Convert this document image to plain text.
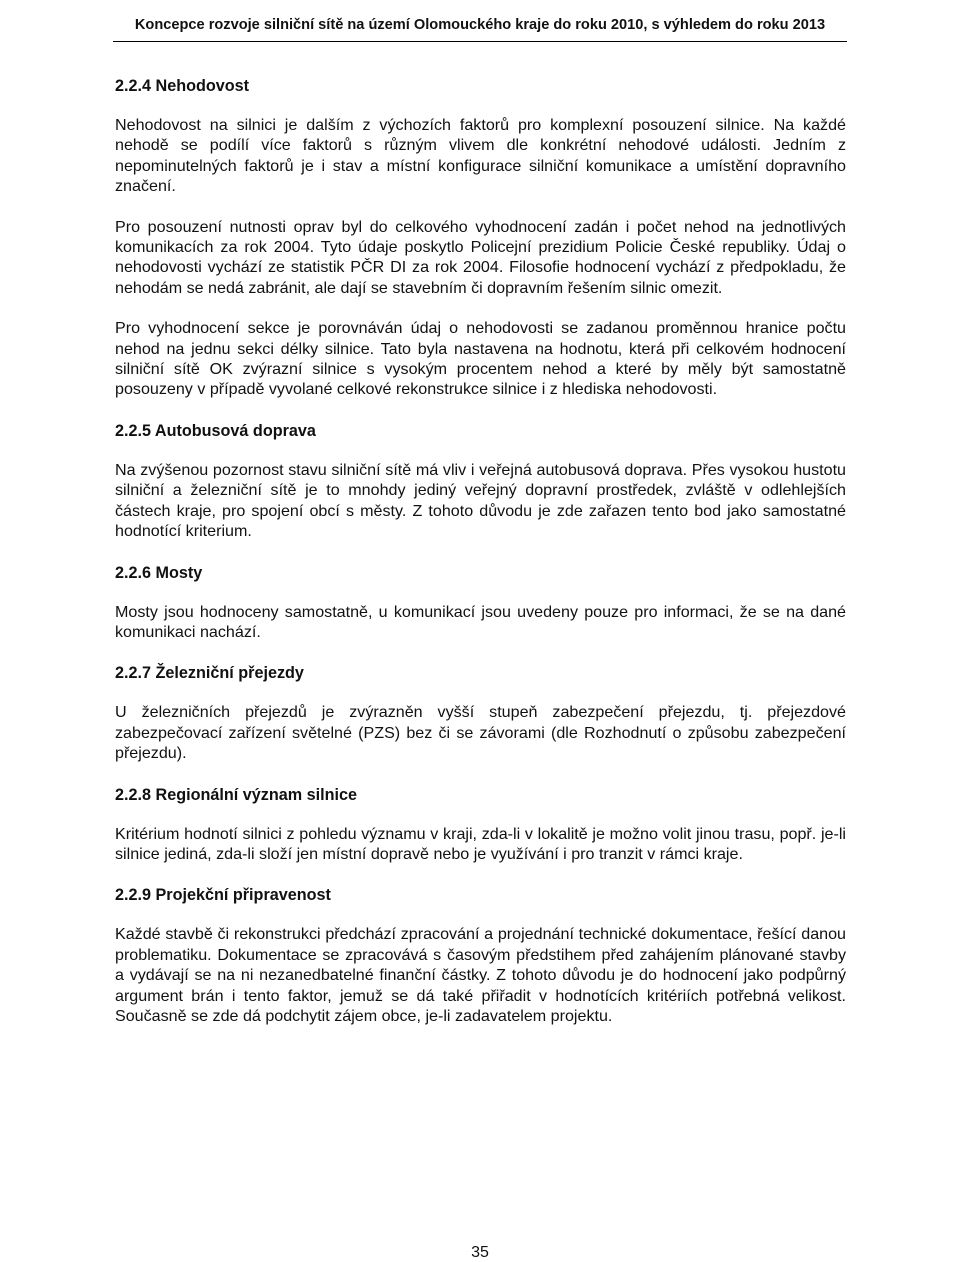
Koncepce rozvoje silniční sítě na území Olomouckého kraje do roku 2010, s výhledem do roku 2013
2.2.4 Nehodovost

Nehodovost na silnici je dalším z výchozích faktorů pro komplexní posouzení silnice. Na každé nehodě se podílí více faktorů s různým vlivem dle konkrétní nehodové události. Jedním z nepominutelných faktorů je i stav a místní konfigurace silniční komunikace a umístění dopravního značení.

Pro posouzení nutnosti oprav byl do celkového vyhodnocení zadán i počet nehod na jednotlivých komunikacích za rok 2004. Tyto údaje poskytlo Policejní prezidium Policie České republiky. Údaj o nehodovosti vychází ze statistik PČR DI za rok 2004. Filosofie hodnocení vychází z předpokladu, že nehodám se nedá zabránit, ale dají se stavebním či dopravním řešením silnic omezit.

Pro vyhodnocení sekce je porovnáván údaj o nehodovosti se zadanou proměnnou hranice počtu nehod na jednu sekci délky silnice. Tato byla nastavena na hodnotu, která při celkovém hodnocení silniční sítě OK zvýrazní silnice s vysokým procentem nehod a které by měly být samostatně posouzeny v případě vyvolané celkové rekonstrukce silnice i z hlediska nehodovosti.

2.2.5 Autobusová doprava

Na zvýšenou pozornost stavu silniční sítě má vliv i veřejná autobusová doprava. Přes vysokou hustotu silniční a železniční sítě je to mnohdy jediný veřejný dopravní prostředek, zvláště v odlehlejších částech kraje, pro spojení obcí s městy. Z tohoto důvodu je zde zařazen tento bod jako samostatné hodnotící kriterium.

2.2.6 Mosty

Mosty jsou hodnoceny samostatně, u komunikací jsou uvedeny pouze pro informaci, že se na dané komunikaci nachází.

2.2.7 Železniční přejezdy

U železničních přejezdů je zvýrazněn vyšší stupeň zabezpečení přejezdu, tj. přejezdové zabezpečovací zařízení světelné (PZS) bez či se závorami (dle Rozhodnutí o způsobu zabezpečení přejezdu).

2.2.8 Regionální význam silnice

Kritérium hodnotí silnici z pohledu významu v kraji, zda-li v lokalitě je možno volit jinou trasu, popř. je-li silnice jediná, zda-li složí jen místní dopravě nebo je využívání i pro tranzit v rámci kraje.

2.2.9 Projekční připravenost

Každé stavbě či rekonstrukci předchází zpracování a projednání technické dokumentace, řešící danou problematiku. Dokumentace se zpracovává s časovým předstihem před zahájením plánované stavby a vydávají se na ni nezanedbatelné finanční částky. Z tohoto důvodu je do hodnocení jako podpůrný argument brán i tento faktor, jemuž se dá také přiřadit v hodnotících kritériích potřebná velikost. Současně se zde dá podchytit zájem obce, je-li zadavatelem projektu.

35
